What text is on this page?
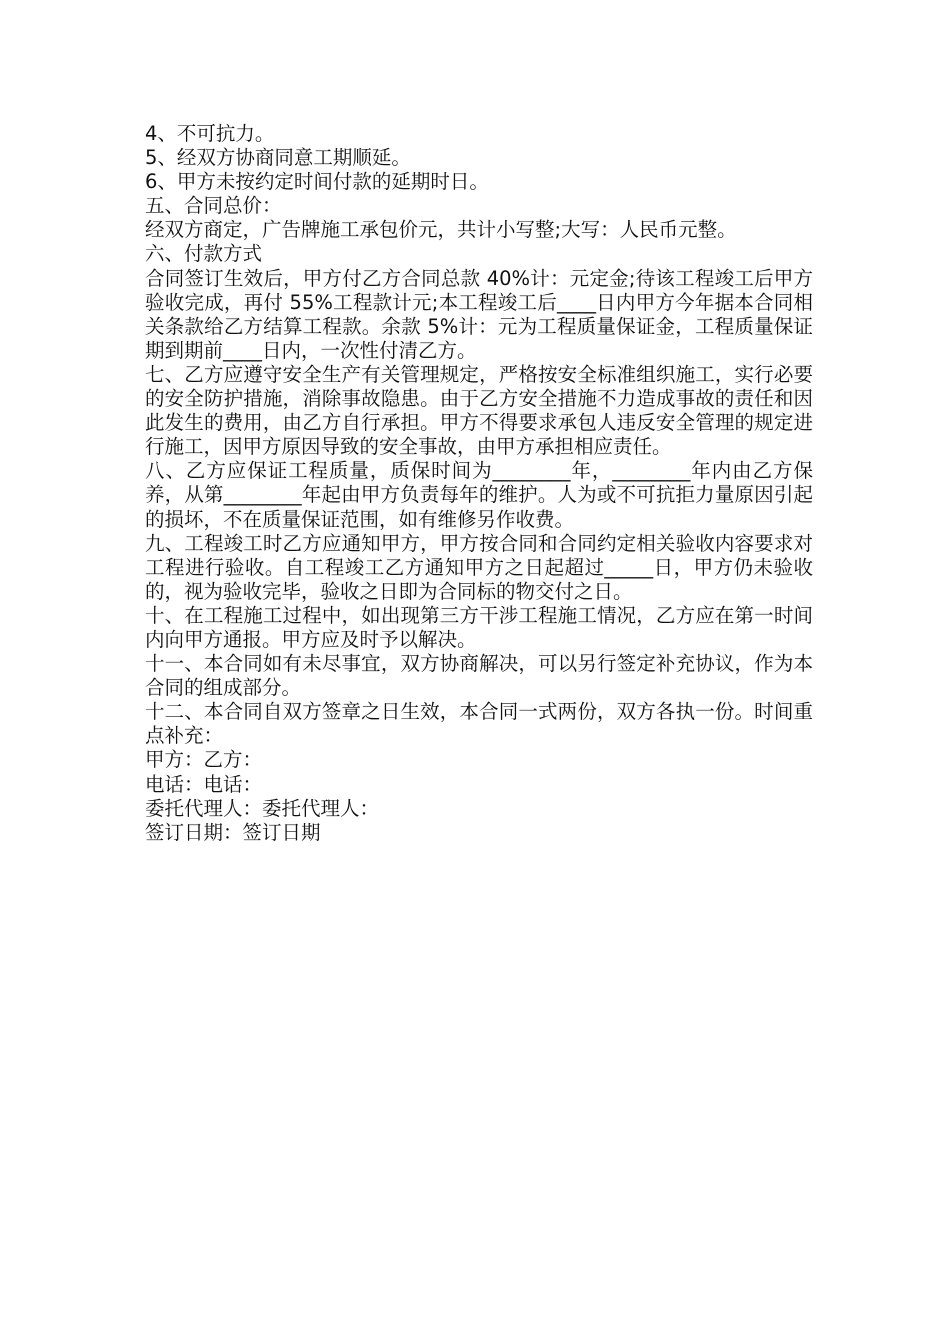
4、不可抗力。

5、经双方协商同意工期顺延。

6、甲方未按约定时间付款的延期时日。

五、合同总价：

经双方商定，广告牌施工承包价元，共计小写整;大写：人民币元整。

六、付款方式

合同签订生效后，甲方付乙方合同总款 40%计：元定金;待该工程竣工后甲方验收完成，再付 55%工程款计元;本工程竣工后____日内甲方今年据本合同相关条款给乙方结算工程款。余款 5%计：元为工程质量保证金，工程质量保证期到期前____日内，一次性付清乙方。

七、乙方应遵守安全生产有关管理规定，严格按安全标准组织施工，实行必要的安全防护措施，消除事故隐患。由于乙方安全措施不力造成事故的责任和因此发生的费用，由乙方自行承担。甲方不得要求承包人违反安全管理的规定进行施工，因甲方原因导致的安全事故，由甲方承担相应责任。

八、乙方应保证工程质量，质保时间为________年，________年内由乙方保养，从第________年起由甲方负责每年的维护。人为或不可抗拒力量原因引起的损坏，不在质量保证范围，如有维修另作收费。

九、工程竣工时乙方应通知甲方，甲方按合同和合同约定相关验收内容要求对工程进行验收。自工程竣工乙方通知甲方之日起超过_____日，甲方仍未验收的，视为验收完毕，验收之日即为合同标的物交付之日。

十、在工程施工过程中，如出现第三方干涉工程施工情况，乙方应在第一时间内向甲方通报。甲方应及时予以解决。

十一、本合同如有未尽事宜，双方协商解决，可以另行签定补充协议，作为本合同的组成部分。

十二、本合同自双方签章之日生效，本合同一式两份，双方各执一份。时间重点补充：

甲方：乙方：

电话：电话：

委托代理人：委托代理人：

签订日期：签订日期
